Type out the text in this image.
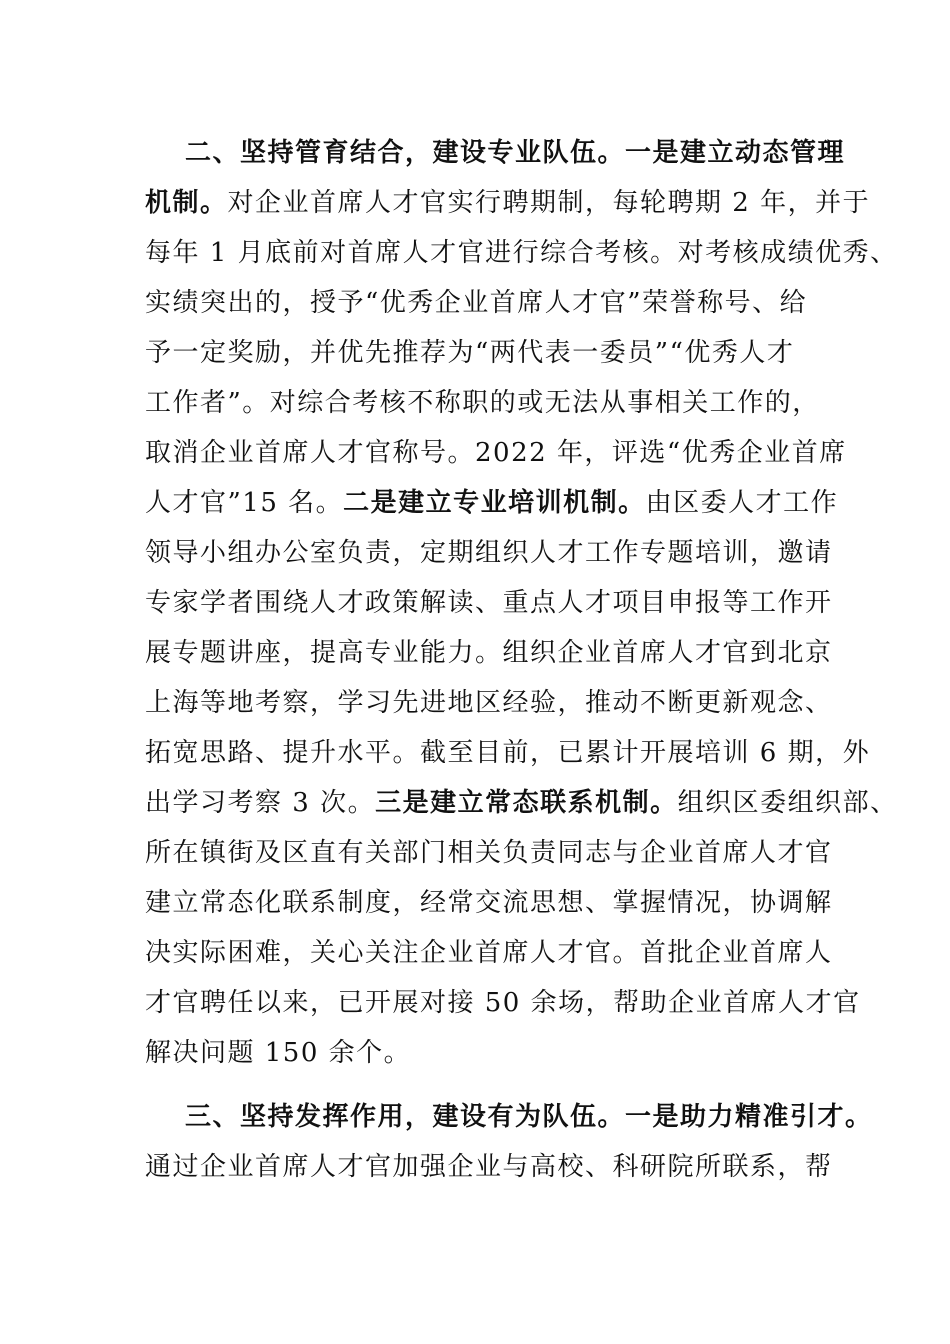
二、坚持管育结合，建设专业队伍。一是建立动态管理
机制。对企业首席人才官实行聘期制，每轮聘期 2 年，并于
每年 1 月底前对首席人才官进行综合考核。对考核成绩优秀、
实绩突出的，授予“优秀企业首席人才官”荣誉称号、给
予一定奖励，并优先推荐为“两代表一委员”“优秀人才
工作者”。对综合考核不称职的或无法从事相关工作的，
取消企业首席人才官称号。2022 年，评选“优秀企业首席
人才官”15 名。二是建立专业培训机制。由区委人才工作
领导小组办公室负责，定期组织人才工作专题培训，邀请
专家学者围绕人才政策解读、重点人才项目申报等工作开
展专题讲座，提高专业能力。组织企业首席人才官到北京
上海等地考察，学习先进地区经验，推动不断更新观念、
拓宽思路、提升水平。截至目前，已累计开展培训 6 期，外
出学习考察 3 次。三是建立常态联系机制。组织区委组织部、
所在镇街及区直有关部门相关负责同志与企业首席人才官
建立常态化联系制度，经常交流思想、掌握情况，协调解
决实际困难，关心关注企业首席人才官。首批企业首席人
才官聘任以来，已开展对接 50 余场，帮助企业首席人才官
解决问题 150 余个。
三、坚持发挥作用，建设有为队伍。一是助力精准引才。
通过企业首席人才官加强企业与高校、科研院所联系，帮
